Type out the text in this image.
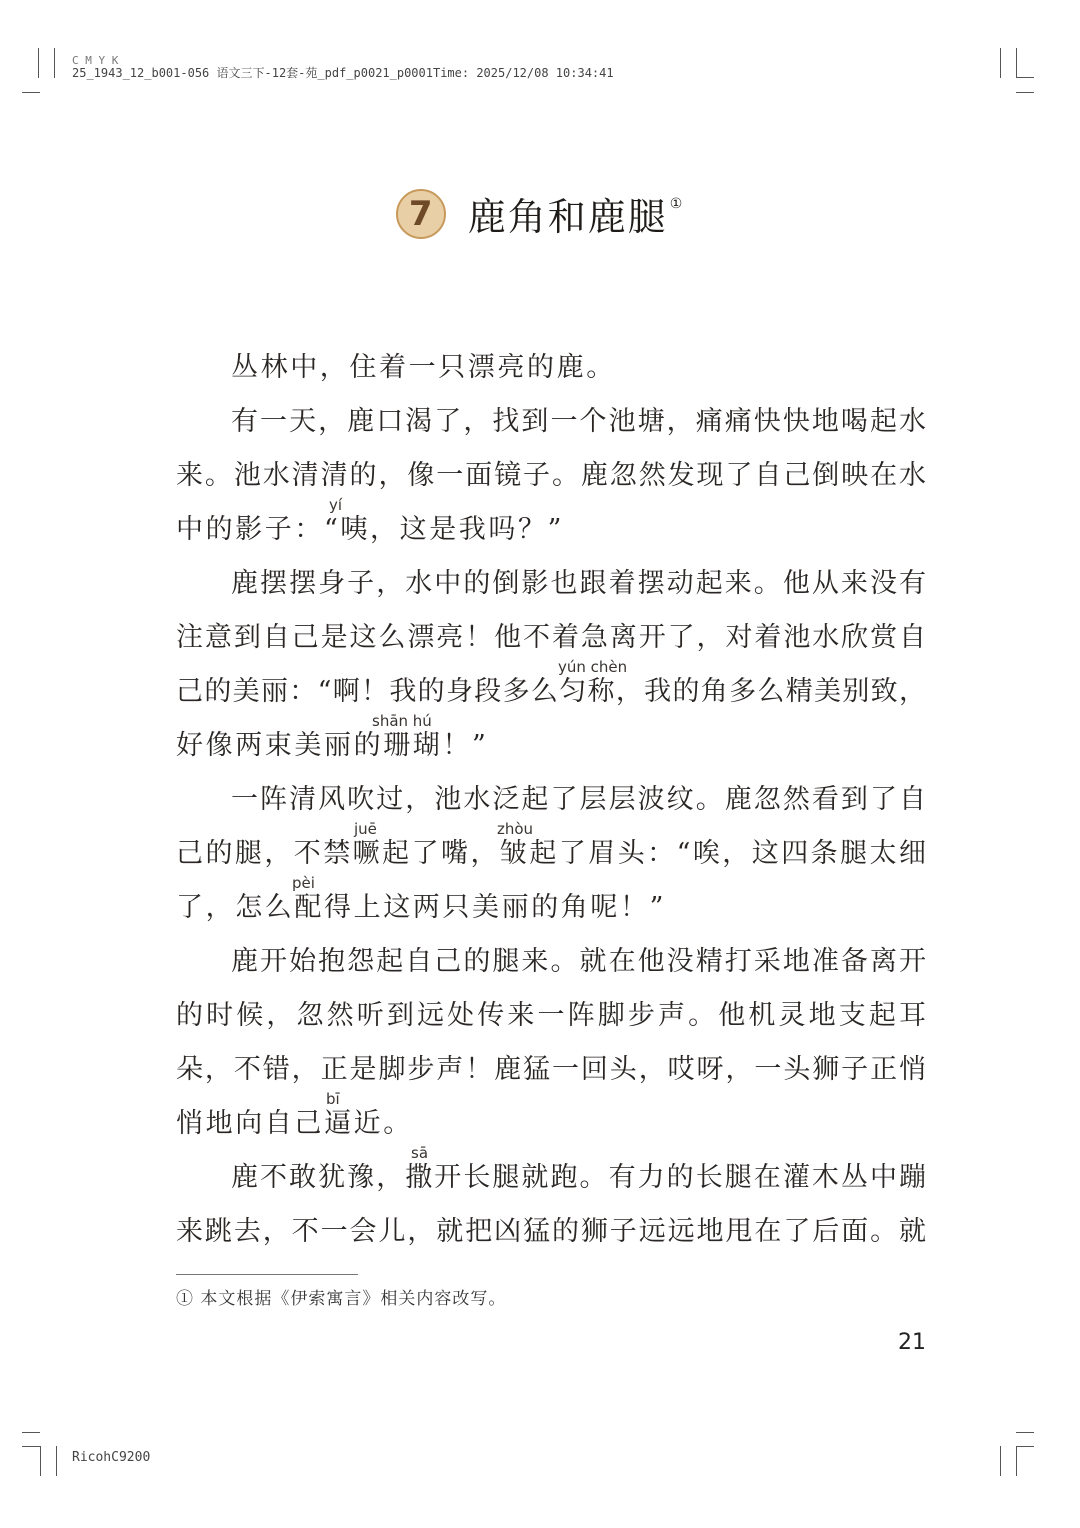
C M Y K
25_1943_12_b001-056 语文三下-12套-苑_pdf_p0021_p0001Time: 2025/12/08 10:34:41
RicohC9200
7 鹿角和鹿腿 ①
丛林中，住着一只漂亮的鹿。
有一天，鹿口渴了，找到一个池塘，痛痛快快地喝起水
来。池水清清的，像一面镜子。鹿忽然发现了自己倒映在水
yí
中的影子：“咦，这是我吗？”
鹿摆摆身子，水中的倒影也跟着摆动起来。他从来没有
注意到自己是这么漂亮！他不着急离开了，对着池水欣赏自
yún chèn
己的美丽：“啊！我的身段多么匀称，我的角多么精美别致，
shān hú
好像两束美丽的珊瑚！”
一阵清风吹过，池水泛起了层层波纹。鹿忽然看到了自
juē	zhòu
己的腿，不禁噘起了嘴，皱起了眉头：“唉，这四条腿太细
pèi
了，怎么配得上这两只美丽的角呢！”
鹿开始抱怨起自己的腿来。就在他没精打采地准备离开
的时候，忽然听到远处传来一阵脚步声。他机灵地支起耳
朵，不错，正是脚步声！鹿猛一回头，哎呀，一头狮子正悄
bī
悄地向自己逼近。
sā
鹿不敢犹豫，撒开长腿就跑。有力的长腿在灌木丛中蹦
来跳去，不一会儿，就把凶猛的狮子远远地甩在了后面。就
① 本文根据《伊索寓言》相关内容改写。
21
